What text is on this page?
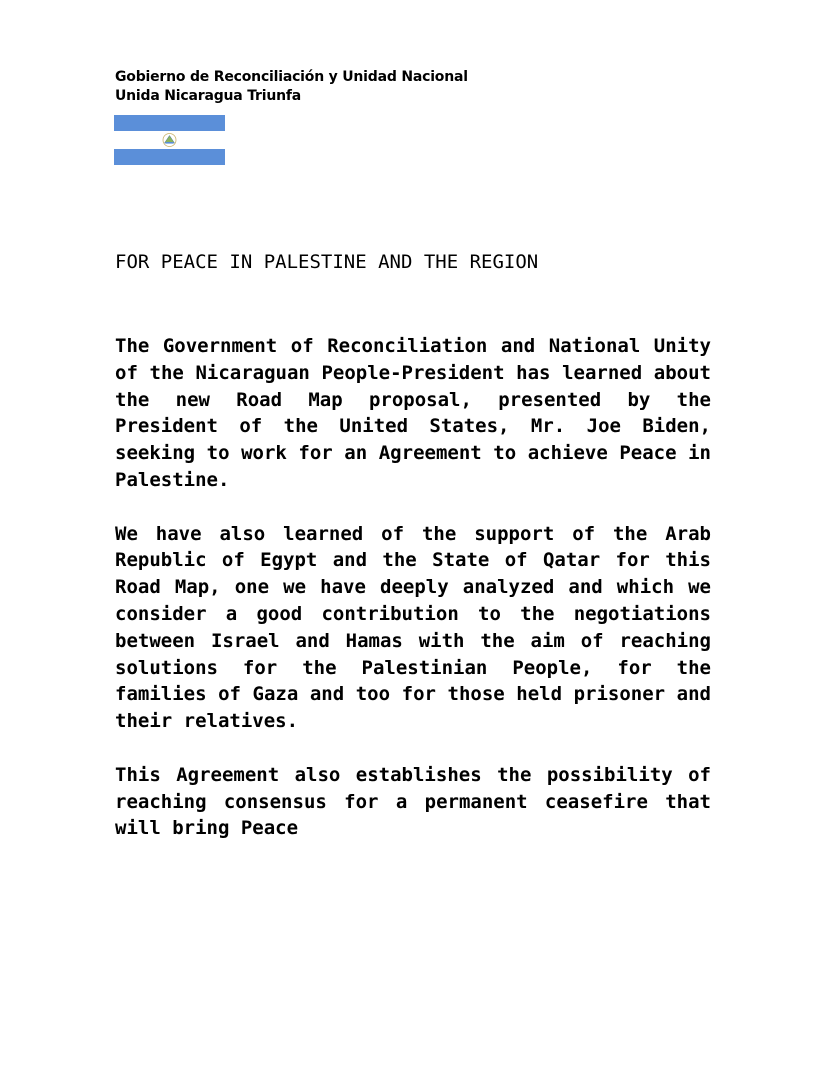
Gobierno de Reconciliación y Unidad Nacional
Unida Nicaragua Triunfa
FOR PEACE IN PALESTINE AND THE REGION

The Government of Reconciliation and National Unity of the Nicaraguan People-President has learned about the new Road Map proposal, presented by the President of the United States, Mr. Joe Biden, seeking to work for an Agreement to achieve Peace in Palestine.

We have also learned of the support of the Arab Republic of Egypt and the State of Qatar for this Road Map, one we have deeply analyzed and which we consider a good contribution to the negotiations between Israel and Hamas with the aim of reaching solutions for the Palestinian People, for the families of Gaza and too for those held prisoner and their relatives.

This Agreement also establishes the possibility of reaching consensus for a permanent ceasefire that will bring Peace
